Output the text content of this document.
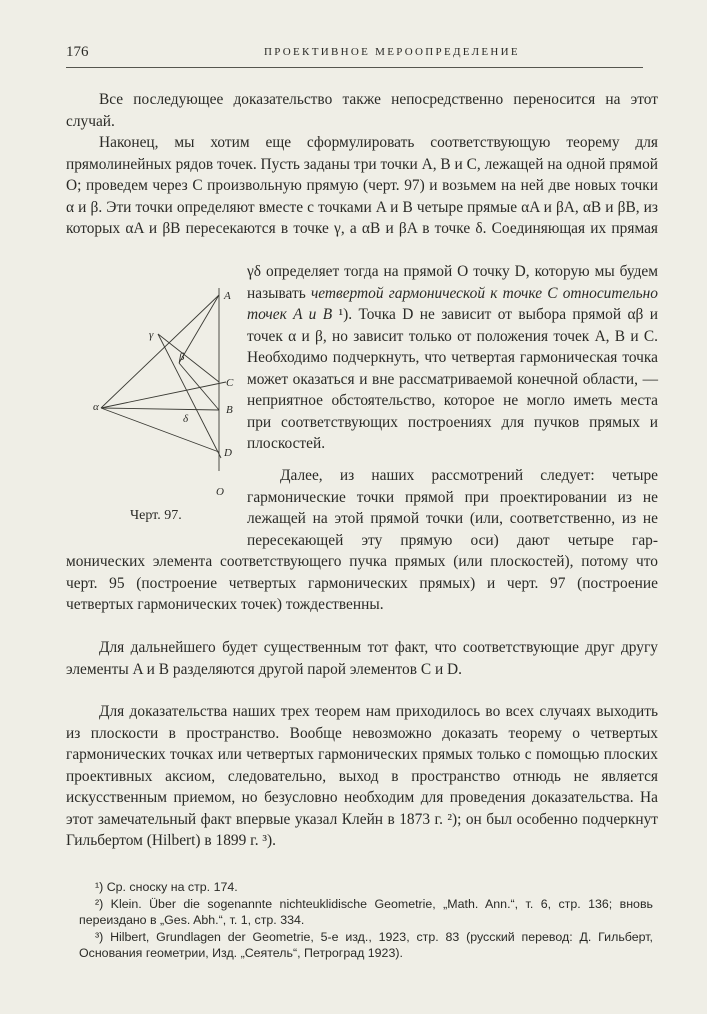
176	ПРОЕКТИВНОЕ МЕРООПРЕДЕЛЕНИЕ

Все последующее доказательство также непосредственно переносится на этот случай.

Наконец, мы хотим еще сформулировать соответствующую теорему для прямолинейных рядов точек. Пусть заданы три точки A, B и C, лежащей на одной прямой O; проведем через C произвольную прямую (черт. 97) и возьмем на ней две новых точки α и β. Эти точки определяют вместе с точками A и B четыре прямые αA и βA, αB и βB, из которых αA и βB пересекаются в точке γ, а αB и βA в точке δ. Соединяющая их прямая

γδ определяет тогда на прямой O точку D, которую мы будем называть четвертой гармонической к точке C относительно точек A и B ¹). Точка D не зависит от выбора прямой αβ и точек α и β, но зависит только от положения точек A, B и C. Необходимо подчеркнуть, что четвертая гармоническая точка может оказаться и вне рассматриваемой конечной области, — неприятное обстоятельство, которое не могло иметь места при соответствующих построениях для пучков прямых и плоскостей.

A
C
B
D
O
α
β
γ
δ
Черт. 97.

Далее, из наших рассмотрений следует: четыре гармонические точки прямой при проектировании из не лежащей на этой прямой точки (или, соответственно, из не пересекающей эту прямую оси) дают четыре гар-

монических элемента соответствующего пучка прямых (или плоскостей), потому что черт. 95 (построение четвертых гармонических прямых) и черт. 97 (построение четвертых гармонических точек) тождественны.

Для дальнейшего будет существенным тот факт, что соответствующие друг другу элементы A и B разделяются другой парой элементов C и D.

Для доказательства наших трех теорем нам приходилось во всех случаях выходить из плоскости в пространство. Вообще невозможно доказать теорему о четвертых гармонических точках или четвертых гармонических прямых только с помощью плоских проективных аксиом, следовательно, выход в пространство отнюдь не является искусственным приемом, но безусловно необходим для проведения доказательства. На этот замечательный факт впервые указал Клейн в 1873 г. ²); он был особенно подчеркнут Гильбертом (Hilbert) в 1899 г. ³).

¹) Ср. сноску на стр. 174.

²) Klein. Über die sogenannte nichteuklidische Geometrie, „Math. Ann.“, т. 6, стр. 136; вновь переиздано в „Ges. Abh.“, т. 1, стр. 334.

³) Hilbert, Grundlagen der Geometrie, 5-е изд., 1923, стр. 83 (русский перевод: Д. Гильберт, Основания геометрии, Изд. „Сеятель“, Петроград 1923).
